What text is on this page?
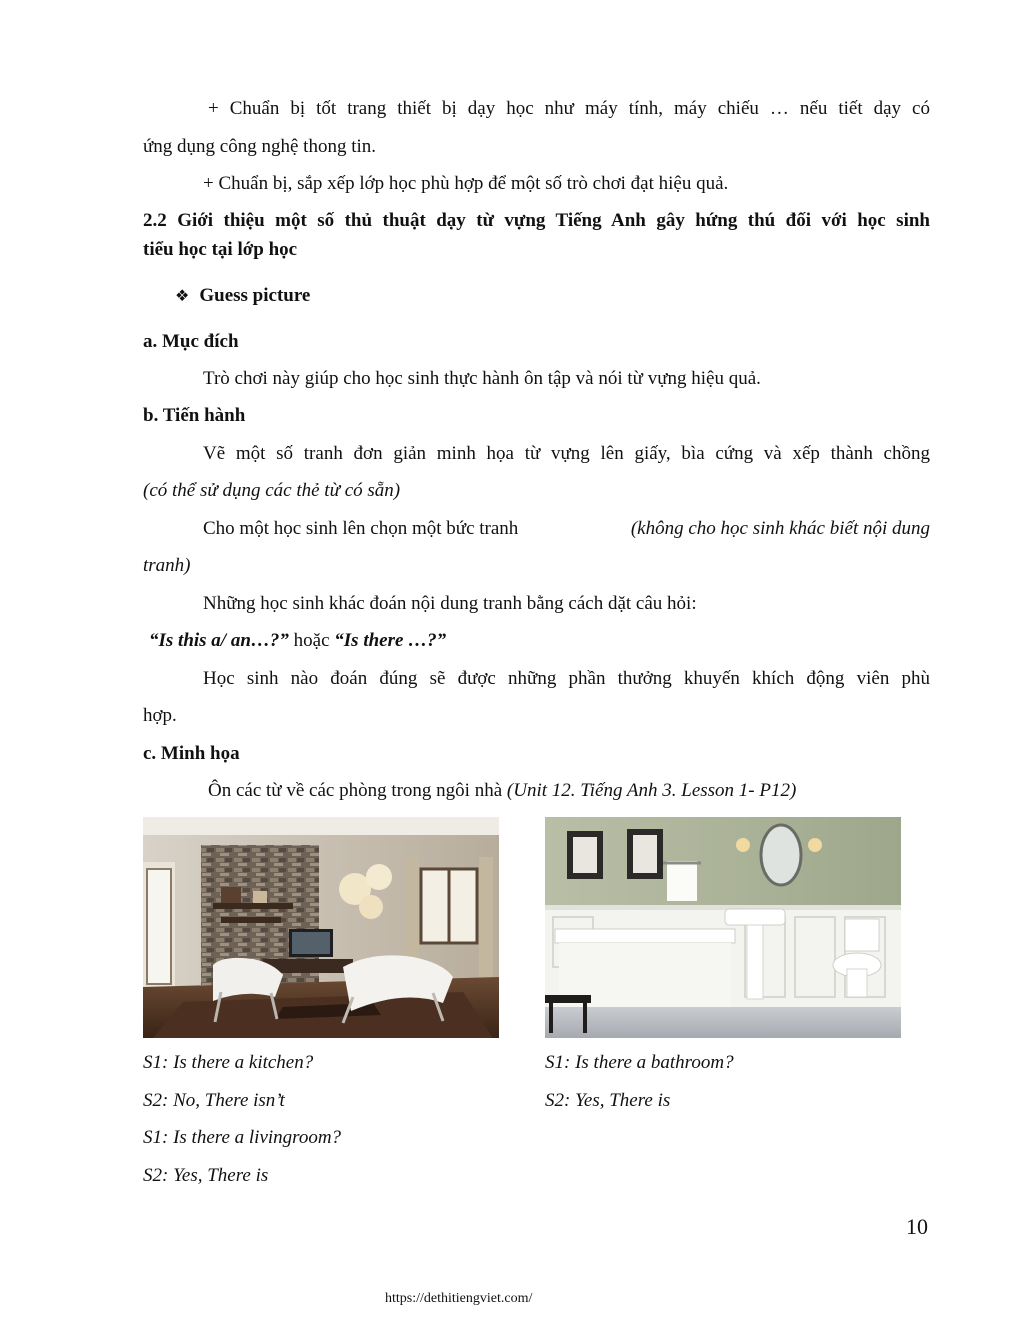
+ Chuẩn bị tốt trang thiết bị dạy học như máy tính, máy chiếu … nếu tiết dạy có
ứng dụng công nghệ thong tin.
+ Chuẩn bị, sắp xếp lớp học phù hợp để một số trò chơi đạt hiệu quả.
2.2 Giới thiệu một số thủ thuật dạy từ vựng Tiếng Anh gây hứng thú đối với học sinh
tiểu học tại lớp học
❖ Guess picture
a. Mục đích
Trò chơi này giúp cho học sinh thực hành ôn tập và nói từ vựng hiệu quả.
b. Tiến hành
Vẽ một số tranh đơn giản minh họa từ vựng lên giấy, bìa cứng và xếp thành chồng
(có thể sử dụng các thẻ từ có sẵn)
Cho một học sinh lên chọn một bức tranh	(không cho học sinh khác biết nội dung
tranh)
Những học sinh khác đoán nội dung tranh bằng cách dặt câu hỏi:
“Is this a/ an…?” hoặc “Is there …?”
Học sinh nào đoán đúng sẽ được những phần thưởng khuyến khích động viên phù
hợp.
c. Minh họa
Ôn các từ về các phòng trong ngôi nhà (Unit 12. Tiếng Anh 3. Lesson 1- P12)
S1: Is there a kitchen?
S2: No, There isn’t
S1: Is there a livingroom?
S2: Yes, There is
S1: Is there a bathroom?
S2: Yes, There is
10
https://dethitiengviet.com/
